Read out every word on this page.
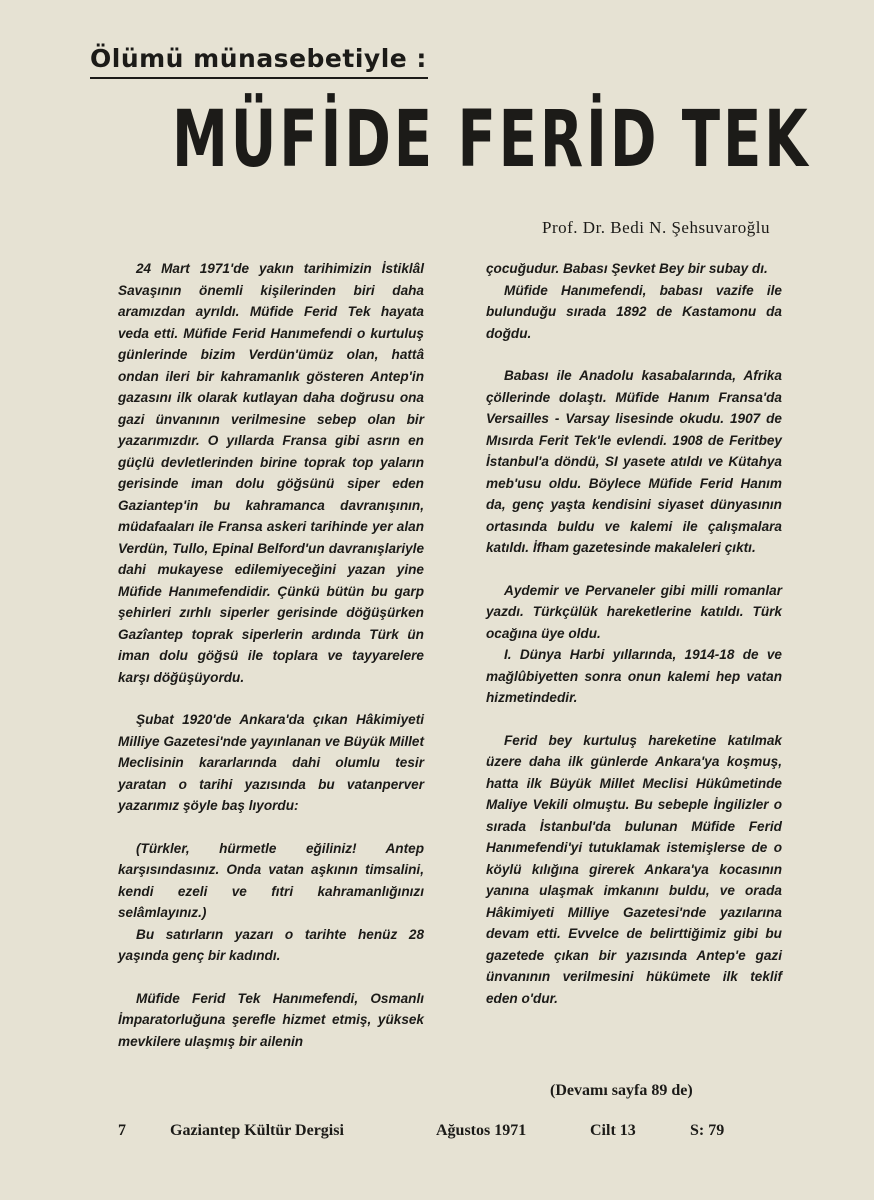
Ölümü münasebetiyle :
MÜFİDE FERİD TEK
Prof. Dr. Bedi N. Şehsuvaroğlu

24 Mart 1971'de yakın tarihimizin İstiklâl Savaşının önemli kişilerinden biri daha aramızdan ayrıldı. Müfide Ferid Tek hayata veda etti. Müfide Ferid Hanımefendi o kurtuluş günlerinde bizim Verdün'ümüz olan, hattâ ondan ileri bir kahramanlık gösteren Antep'in gazasını ilk olarak kutlayan daha doğrusu ona gazi ünvanının verilmesine sebep olan bir yazarımızdır. O yıllarda Fransa gibi asrın en güçlü devletlerinden birine toprak top yaların gerisinde iman dolu göğsünü siper eden Gaziantep'in bu kahramanca davranışının, müdafaaları ile Fransa askeri tarihinde yer alan Verdün, Tullo, Epinal Belford'un davranışlariyle dahi mukayese edilemiyeceğini yazan yine Müfide Hanımefendidir. Çünkü bütün bu garp şehirleri zırhlı siperler gerisinde döğüşürken Gazîantep toprak siperlerin ardında Türk ün iman dolu göğsü ile toplara ve tayyarelere karşı döğüşüyordu.

Şubat 1920'de Ankara'da çıkan Hâkimiyeti Milliye Gazetesi'nde yayınlanan ve Büyük Millet Meclisinin kararlarında dahi olumlu tesir yaratan o tarihi yazısında bu vatanperver yazarımız şöyle baş lıyordu:

(Türkler, hürmetle eğiliniz! Antep karşısındasınız. Onda vatan aşkının timsalini, kendi ezeli ve fıtri kahramanlığınızı selâmlayınız.)

Bu satırların yazarı o tarihte henüz 28 yaşında genç bir kadındı.

Müfide Ferid Tek Hanımefendi, Osmanlı İmparatorluğuna şerefle hizmet etmiş, yüksek mevkilere ulaşmış bir ailenin

çocuğudur. Babası Şevket Bey bir subay dı.

Müfide Hanımefendi, babası vazife ile bulunduğu sırada 1892 de Kastamonu da doğdu.

Babası ile Anadolu kasabalarında, Afrika çöllerinde dolaştı. Müfide Hanım Fransa'da Versailles - Varsay lisesinde okudu. 1907 de Mısırda Ferit Tek'le evlendi. 1908 de Feritbey İstanbul'a döndü, SI yasete atıldı ve Kütahya meb'usu oldu. Böylece Müfide Ferid Hanım da, genç yaşta kendisini siyaset dünyasının ortasında buldu ve kalemi ile çalışmalara katıldı. İfham gazetesinde makaleleri çıktı.

Aydemir ve Pervaneler gibi milli romanlar yazdı. Türkçülük hareketlerine katıldı. Türk ocağına üye oldu.

I. Dünya Harbi yıllarında, 1914-18 de ve mağlûbiyetten sonra onun kalemi hep vatan hizmetindedir.

Ferid bey kurtuluş hareketine katılmak üzere daha ilk günlerde Ankara'ya koşmuş, hatta ilk Büyük Millet Meclisi Hükûmetinde Maliye Vekili olmuştu. Bu sebeple İngilizler o sırada İstanbul'da bulunan Müfide Ferid Hanımefendi'yi tutuklamak istemişlerse de o köylü kılığına girerek Ankara'ya kocasının yanına ulaşmak imkanını buldu, ve orada Hâkimiyeti Milliye Gazetesi'nde yazılarına devam etti. Evvelce de belirttiğimiz gibi bu gazetede çıkan bir yazısında Antep'e gazi ünvanının verilmesini hükümete ilk teklif eden o'dur.

(Devamı sayfa 89 de)
7	Gaziantep Kültür Dergisi	Ağustos 1971	Cilt 13	S: 79
